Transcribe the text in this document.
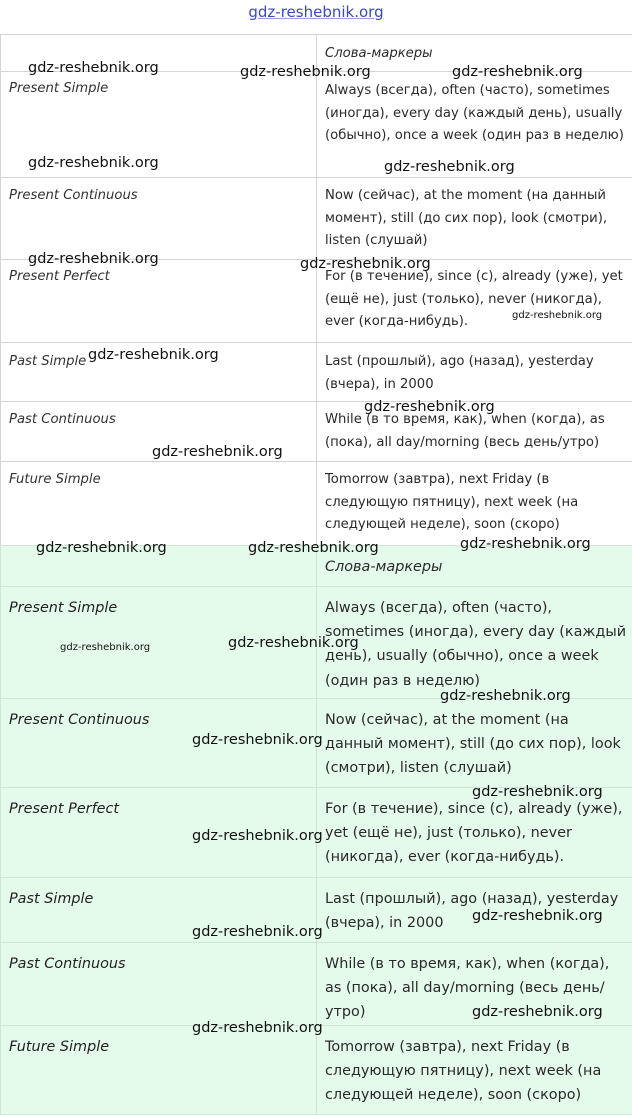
gdz-reshebnik.org
	Слова-маркеры
Present Simple	Always (всегда), often (часто), sometimes (иногда), every day (каждый день), usually (обычно), once a week (один раз в неделю)
Present Continuous	Now (сейчас), at the moment (на данный момент), still (до сих пор), look (смотри), listen (слушай)
Present Perfect	For (в течение), since (с), already (уже), yet (ещё не), just (только), never (никогда), ever (когда-нибудь).
Past Simple	Last (прошлый), ago (назад), yesterday (вчера), in 2000
Past Continuous	While (в то время, как), when (когда), as (пока), all day/morning (весь день/утро)
Future Simple	Tomorrow (завтра), next Friday (в следующую пятницу), next week (на следующей неделе), soon (скоро)
	Слова-маркеры
Present Simple	Always (всегда), often (часто), sometimes (иногда), every day (каждый день), usually (обычно), once a week (один раз в неделю)
Present Continuous	Now (сейчас), at the moment (на данный момент), still (до сих пор), look (смотри), listen (слушай)
Present Perfect	For (в течение), since (с), already (уже), yet (ещё не), just (только), never (никогда), ever (когда-нибудь).
Past Simple	Last (прошлый), ago (назад), yesterday (вчера), in 2000
Past Continuous	While (в то время, как), when (когда), as (пока), all day/morning (весь день/утро)
Future Simple	Tomorrow (завтра), next Friday (в следующую пятницу), next week (на следующей неделе), soon (скоро)
gdz-reshebnik.org	gdz-reshebnik.org	gdz-reshebnik.org
gdz-reshebnik.org	gdz-reshebnik.org
gdz-reshebnik.org	gdz-reshebnik.org
gdz-reshebnik.org
gdz-reshebnik.org
gdz-reshebnik.org
gdz-reshebnik.org
gdz-reshebnik.org	gdz-reshebnik.org	gdz-reshebnik.org
gdz-reshebnik.org	gdz-reshebnik.org
gdz-reshebnik.org
gdz-reshebnik.org
gdz-reshebnik.org
gdz-reshebnik.org
gdz-reshebnik.org
gdz-reshebnik.org
gdz-reshebnik.org
gdz-reshebnik.org
